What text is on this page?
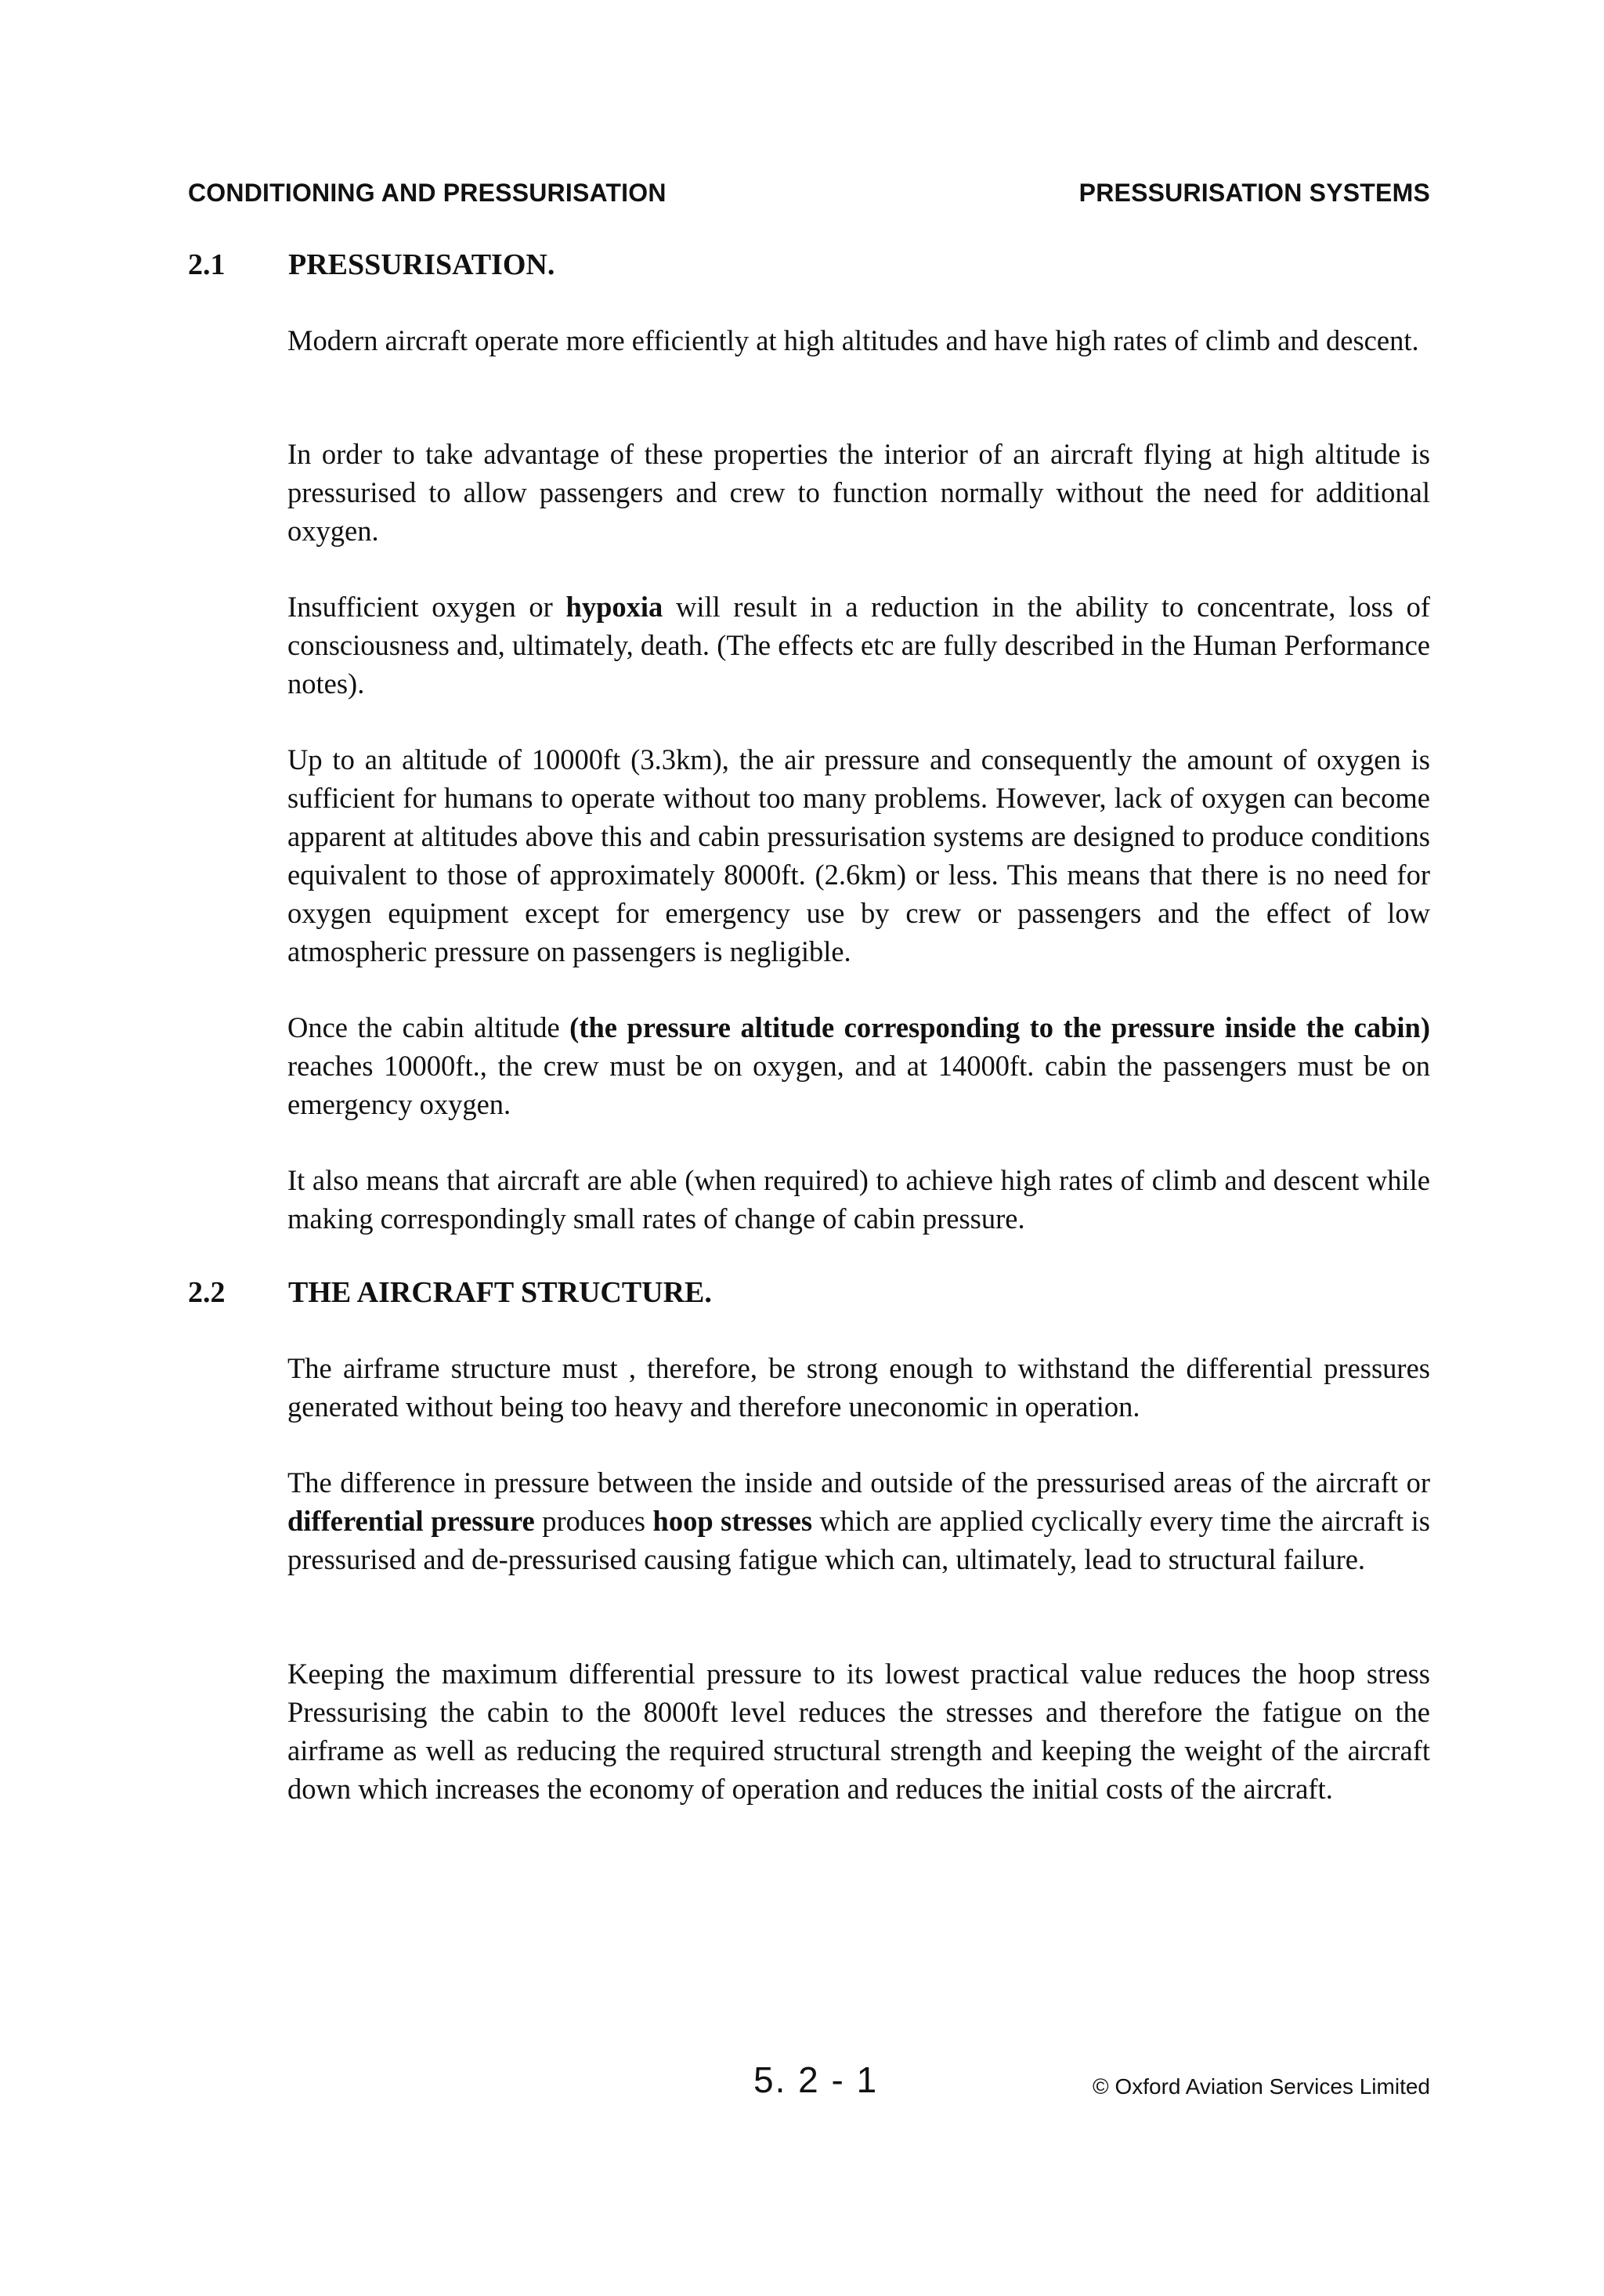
CONDITIONING AND PRESSURISATION	PRESSURISATION SYSTEMS
2.1	PRESSURISATION.

Modern aircraft operate more efficiently at high altitudes and have high rates of climb and descent.

In order to take advantage of these properties the interior of an aircraft flying at high altitude is pressurised to allow passengers and crew to function normally without the need for additional oxygen.

Insufficient oxygen or hypoxia will result in a reduction in the ability to concentrate, loss of consciousness and, ultimately, death. (The effects etc are fully described in the Human Performance notes).

Up to an altitude of 10000ft (3.3km), the air pressure and consequently the amount of oxygen is sufficient for humans to operate without too many problems. However, lack of oxygen can become apparent at altitudes above this and cabin pressurisation systems are designed to produce conditions equivalent to those of approximately 8000ft. (2.6km) or less. This means that there is no need for oxygen equipment except for emergency use by crew or passengers and the effect of low atmospheric pressure on passengers is negligible.

Once the cabin altitude (the pressure altitude corresponding to the pressure inside the cabin) reaches 10000ft., the crew must be on oxygen, and at 14000ft. cabin the passengers must be on emergency oxygen.

It also means that aircraft are able (when required) to achieve high rates of climb and descent while making correspondingly small rates of change of cabin pressure.

2.2	THE AIRCRAFT STRUCTURE.

The airframe structure must , therefore, be strong enough to withstand the differential pressures generated without being too heavy and therefore uneconomic in operation.

The difference in pressure between the inside and outside of the pressurised areas of the aircraft or differential pressure produces hoop stresses which are applied cyclically every time the aircraft is pressurised and de-pressurised causing fatigue which can, ultimately, lead to structural failure.

Keeping the maximum differential pressure to its lowest practical value reduces the hoop stress Pressurising the cabin to the 8000ft level reduces the stresses and therefore the fatigue on the airframe as well as reducing the required structural strength and keeping the weight of the aircraft down which increases the economy of operation and reduces the initial costs of the aircraft.

5. 2 - 1	© Oxford Aviation Services Limited
